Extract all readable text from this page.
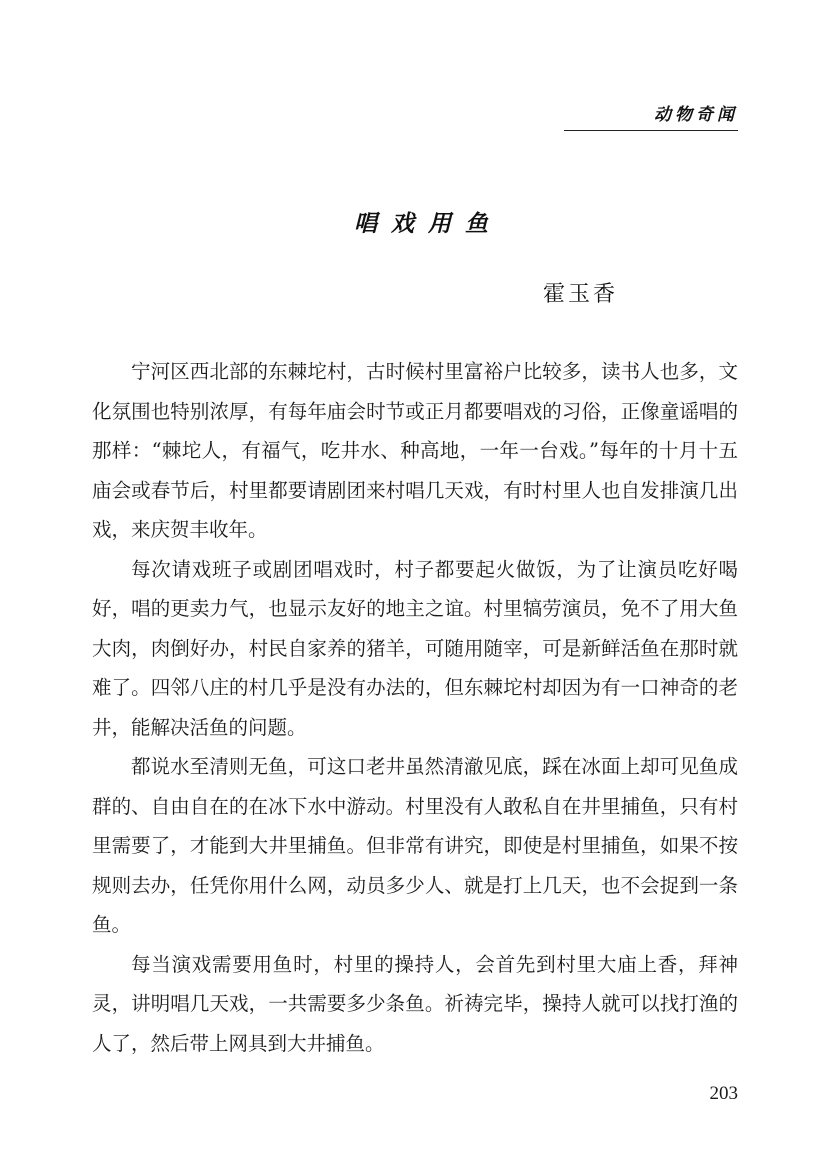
动物奇闻
唱戏用鱼
霍玉香

宁河区西北部的东棘坨村，古时候村里富裕户比较多，读书人也多，文化氛围也特别浓厚，有每年庙会时节或正月都要唱戏的习俗，正像童谣唱的那样：“棘坨人，有福气，吃井水、种高地，一年一台戏。”每年的十月十五庙会或春节后，村里都要请剧团来村唱几天戏，有时村里人也自发排演几出戏，来庆贺丰收年。

每次请戏班子或剧团唱戏时，村子都要起火做饭，为了让演员吃好喝好，唱的更卖力气，也显示友好的地主之谊。村里犒劳演员，免不了用大鱼大肉，肉倒好办，村民自家养的猪羊，可随用随宰，可是新鲜活鱼在那时就难了。四邻八庄的村几乎是没有办法的，但东棘坨村却因为有一口神奇的老井，能解决活鱼的问题。

都说水至清则无鱼，可这口老井虽然清澈见底，踩在冰面上却可见鱼成群的、自由自在的在冰下水中游动。村里没有人敢私自在井里捕鱼，只有村里需要了，才能到大井里捕鱼。但非常有讲究，即使是村里捕鱼，如果不按规则去办，任凭你用什么网，动员多少人、就是打上几天，也不会捉到一条鱼。

每当演戏需要用鱼时，村里的操持人，会首先到村里大庙上香，拜神灵，讲明唱几天戏，一共需要多少条鱼。祈祷完毕，操持人就可以找打渔的人了，然后带上网具到大井捕鱼。

203
